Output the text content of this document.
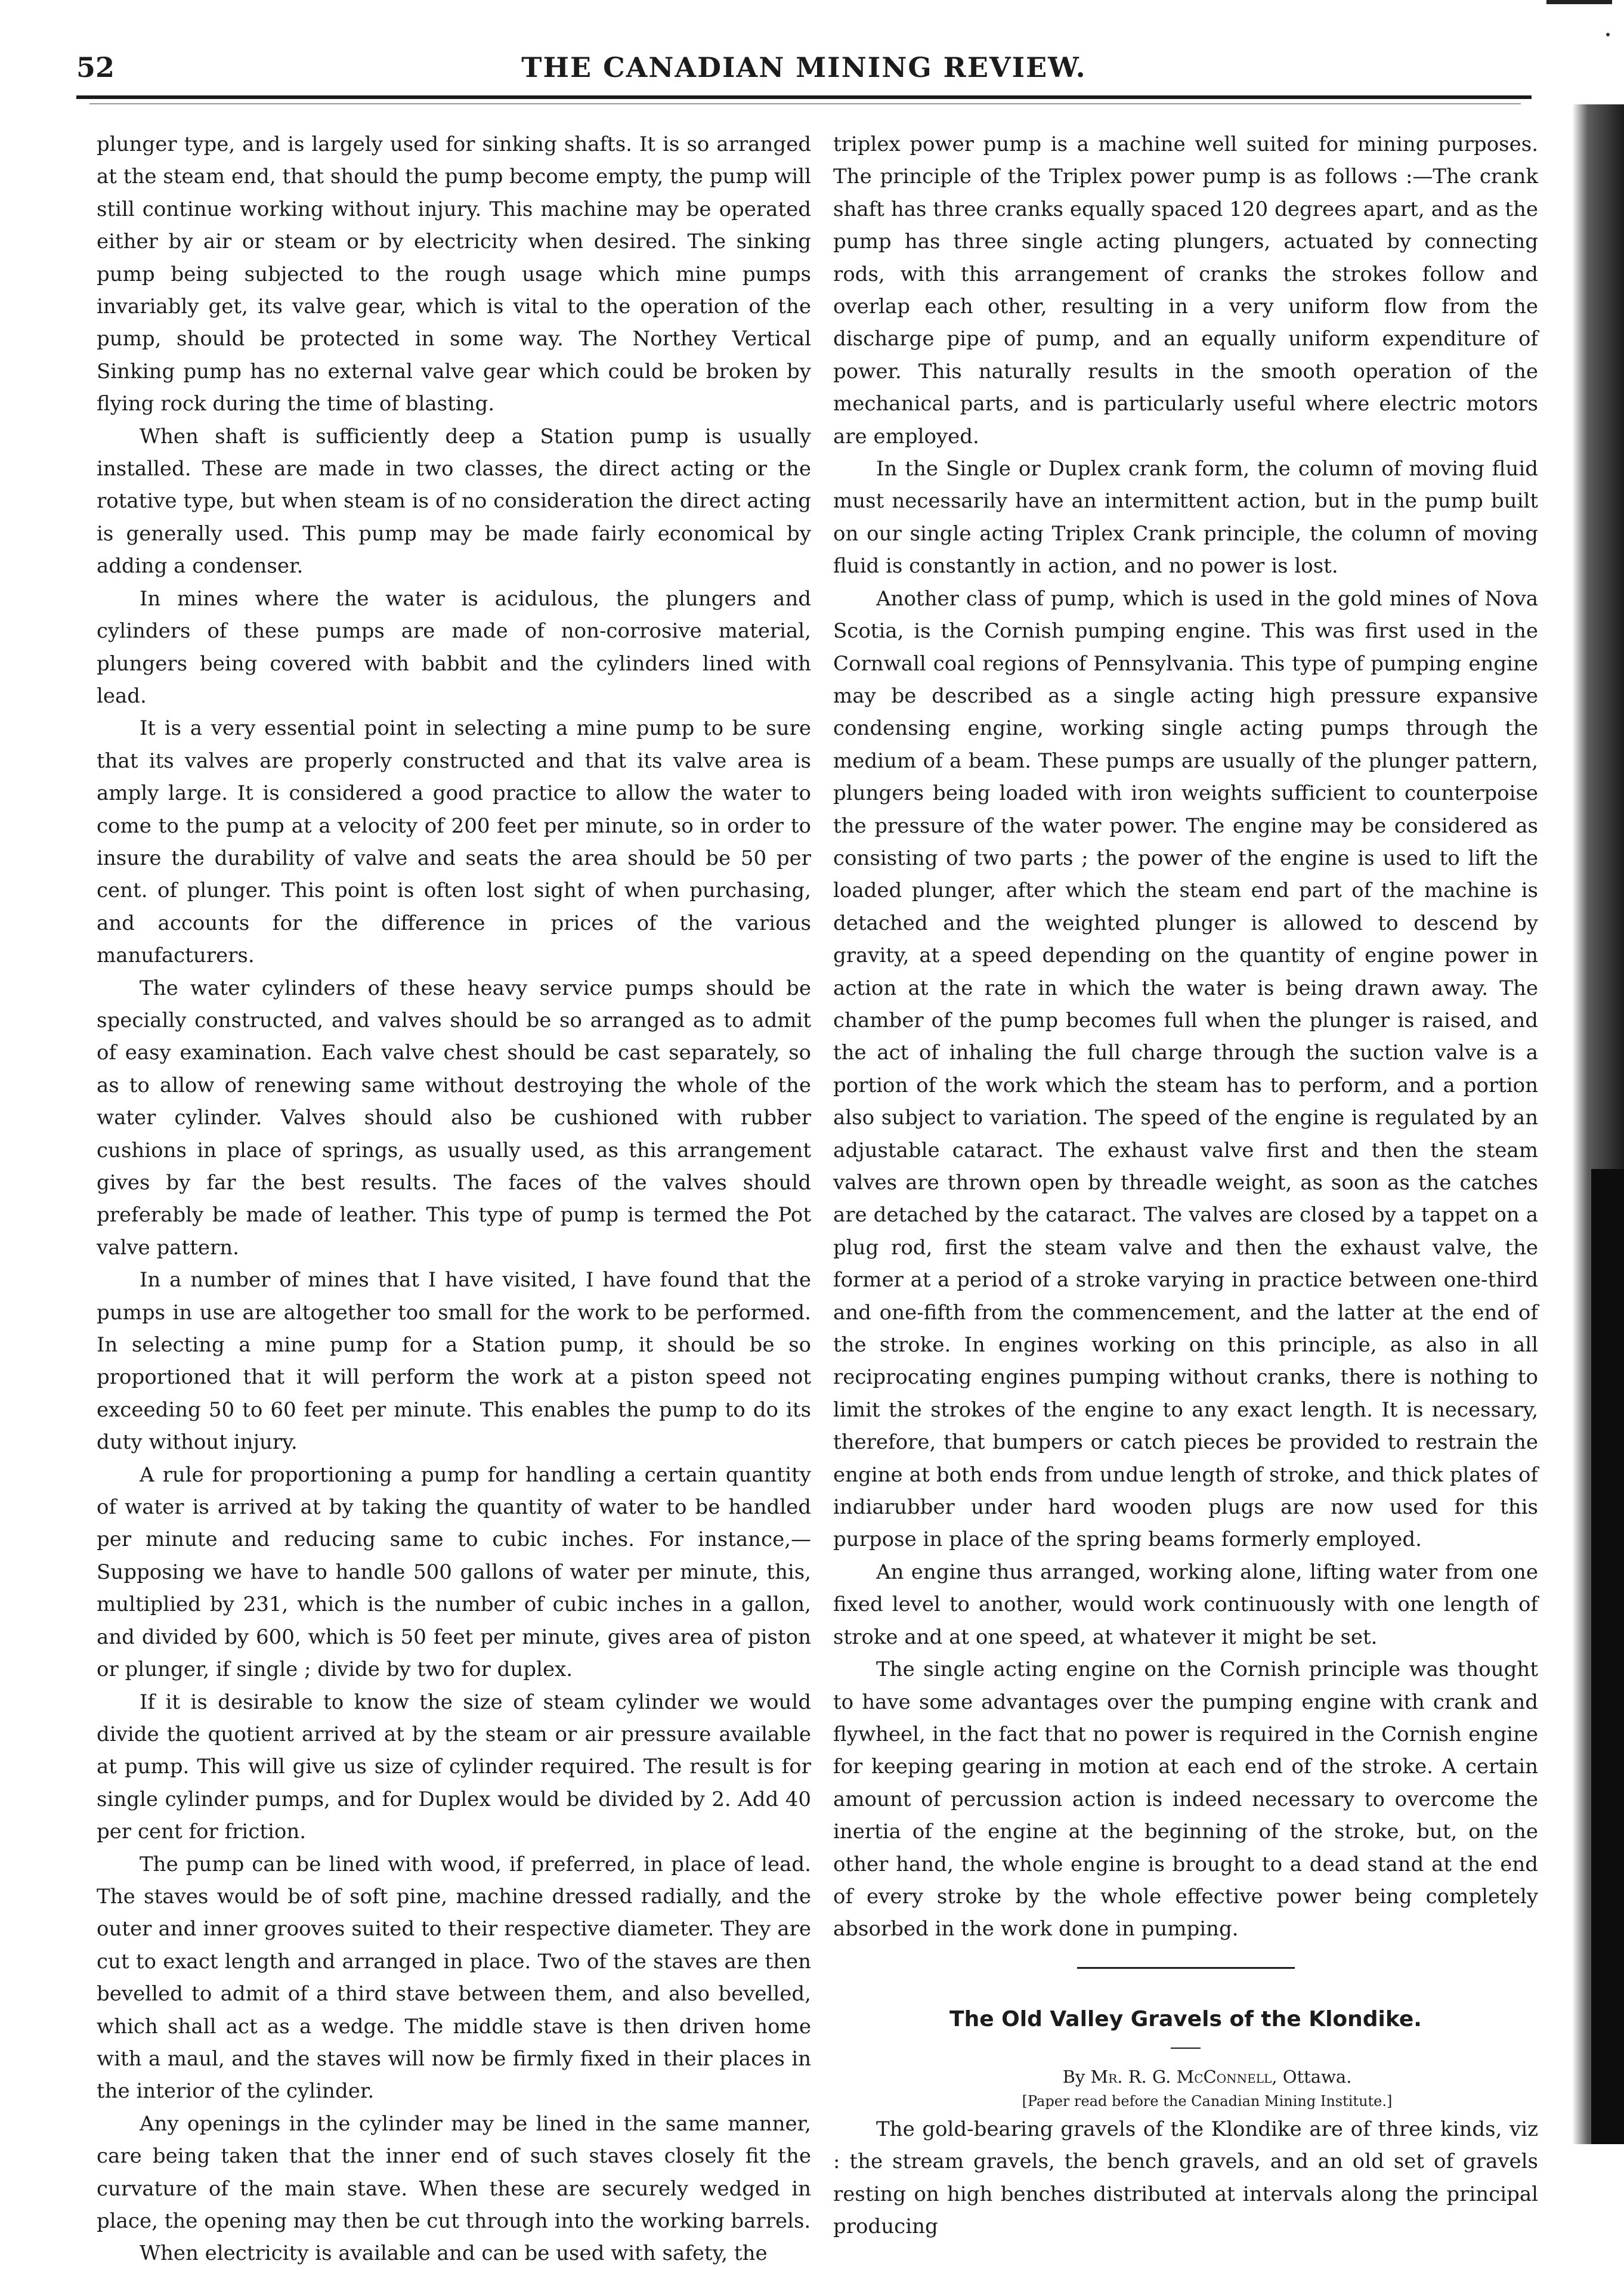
52	THE CANADIAN MINING REVIEW.

plunger type, and is largely used for sinking shafts. It is so arranged at the steam end, that should the pump become empty, the pump will still continue working without injury. This machine may be operated either by air or steam or by electricity when desired. The sinking pump being subjected to the rough usage which mine pumps invariably get, its valve gear, which is vital to the operation of the pump, should be protected in some way. The Northey Vertical Sinking pump has no external valve gear which could be broken by flying rock during the time of blasting.

When shaft is sufficiently deep a Station pump is usually installed. These are made in two classes, the direct acting or the rotative type, but when steam is of no consideration the direct acting is generally used. This pump may be made fairly economical by adding a condenser.

In mines where the water is acidulous, the plungers and cylinders of these pumps are made of non-corrosive material, plungers being covered with babbit and the cylinders lined with lead.

It is a very essential point in selecting a mine pump to be sure that its valves are properly constructed and that its valve area is amply large. It is considered a good practice to allow the water to come to the pump at a velocity of 200 feet per minute, so in order to insure the durability of valve and seats the area should be 50 per cent. of plunger. This point is often lost sight of when purchasing, and accounts for the difference in prices of the various manufacturers.

The water cylinders of these heavy service pumps should be specially constructed, and valves should be so arranged as to admit of easy examination. Each valve chest should be cast separately, so as to allow of renewing same without destroying the whole of the water cylinder. Valves should also be cushioned with rubber cushions in place of springs, as usually used, as this arrangement gives by far the best results. The faces of the valves should preferably be made of leather. This type of pump is termed the Pot valve pattern.

In a number of mines that I have visited, I have found that the pumps in use are altogether too small for the work to be performed. In selecting a mine pump for a Station pump, it should be so proportioned that it will perform the work at a piston speed not exceeding 50 to 60 feet per minute. This enables the pump to do its duty without injury.

A rule for proportioning a pump for handling a certain quantity of water is arrived at by taking the quantity of water to be handled per minute and reducing same to cubic inches. For instance,—Supposing we have to handle 500 gallons of water per minute, this, multiplied by 231, which is the number of cubic inches in a gallon, and divided by 600, which is 50 feet per minute, gives area of piston or plunger, if single ; divide by two for duplex.

If it is desirable to know the size of steam cylinder we would divide the quotient arrived at by the steam or air pressure available at pump. This will give us size of cylinder required. The result is for single cylinder pumps, and for Duplex would be divided by 2. Add 40 per cent for friction.

The pump can be lined with wood, if preferred, in place of lead. The staves would be of soft pine, machine dressed radially, and the outer and inner grooves suited to their respective diameter. They are cut to exact length and arranged in place. Two of the staves are then bevelled to admit of a third stave between them, and also bevelled, which shall act as a wedge. The middle stave is then driven home with a maul, and the staves will now be firmly fixed in their places in the interior of the cylinder.

Any openings in the cylinder may be lined in the same manner, care being taken that the inner end of such staves closely fit the curvature of the main stave. When these are securely wedged in place, the opening may then be cut through into the working barrels.

When electricity is available and can be used with safety, the

triplex power pump is a machine well suited for mining purposes. The principle of the Triplex power pump is as follows :—The crank shaft has three cranks equally spaced 120 degrees apart, and as the pump has three single acting plungers, actuated by connecting rods, with this arrangement of cranks the strokes follow and overlap each other, resulting in a very uniform flow from the discharge pipe of pump, and an equally uniform expenditure of power. This naturally results in the smooth operation of the mechanical parts, and is particularly useful where electric motors are employed.

In the Single or Duplex crank form, the column of moving fluid must necessarily have an intermittent action, but in the pump built on our single acting Triplex Crank principle, the column of moving fluid is constantly in action, and no power is lost.

Another class of pump, which is used in the gold mines of Nova Scotia, is the Cornish pumping engine. This was first used in the Cornwall coal regions of Pennsylvania. This type of pumping engine may be described as a single acting high pressure expansive condensing engine, working single acting pumps through the medium of a beam. These pumps are usually of the plunger pattern, plungers being loaded with iron weights sufficient to counterpoise the pressure of the water power. The engine may be considered as consisting of two parts ; the power of the engine is used to lift the loaded plunger, after which the steam end part of the machine is detached and the weighted plunger is allowed to descend by gravity, at a speed depending on the quantity of engine power in action at the rate in which the water is being drawn away. The chamber of the pump becomes full when the plunger is raised, and the act of inhaling the full charge through the suction valve is a portion of the work which the steam has to perform, and a portion also subject to variation. The speed of the engine is regulated by an adjustable cataract. The exhaust valve first and then the steam valves are thrown open by threadle weight, as soon as the catches are detached by the cataract. The valves are closed by a tappet on a plug rod, first the steam valve and then the exhaust valve, the former at a period of a stroke varying in practice between one-third and one-fifth from the commencement, and the latter at the end of the stroke. In engines working on this principle, as also in all reciprocating engines pumping without cranks, there is nothing to limit the strokes of the engine to any exact length. It is necessary, therefore, that bumpers or catch pieces be provided to restrain the engine at both ends from undue length of stroke, and thick plates of indiarubber under hard wooden plugs are now used for this purpose in place of the spring beams formerly employed.

An engine thus arranged, working alone, lifting water from one fixed level to another, would work continuously with one length of stroke and at one speed, at whatever it might be set.

The single acting engine on the Cornish principle was thought to have some advantages over the pumping engine with crank and flywheel, in the fact that no power is required in the Cornish engine for keeping gearing in motion at each end of the stroke. A certain amount of percussion action is indeed necessary to overcome the inertia of the engine at the beginning of the stroke, but, on the other hand, the whole engine is brought to a dead stand at the end of every stroke by the whole effective power being completely absorbed in the work done in pumping.

The Old Valley Gravels of the Klondike.

By Mr. R. G. McConnell, Ottawa.

[Paper read before the Canadian Mining Institute.]

The gold-bearing gravels of the Klondike are of three kinds, viz : the stream gravels, the bench gravels, and an old set of gravels resting on high benches distributed at intervals along the principal producing
